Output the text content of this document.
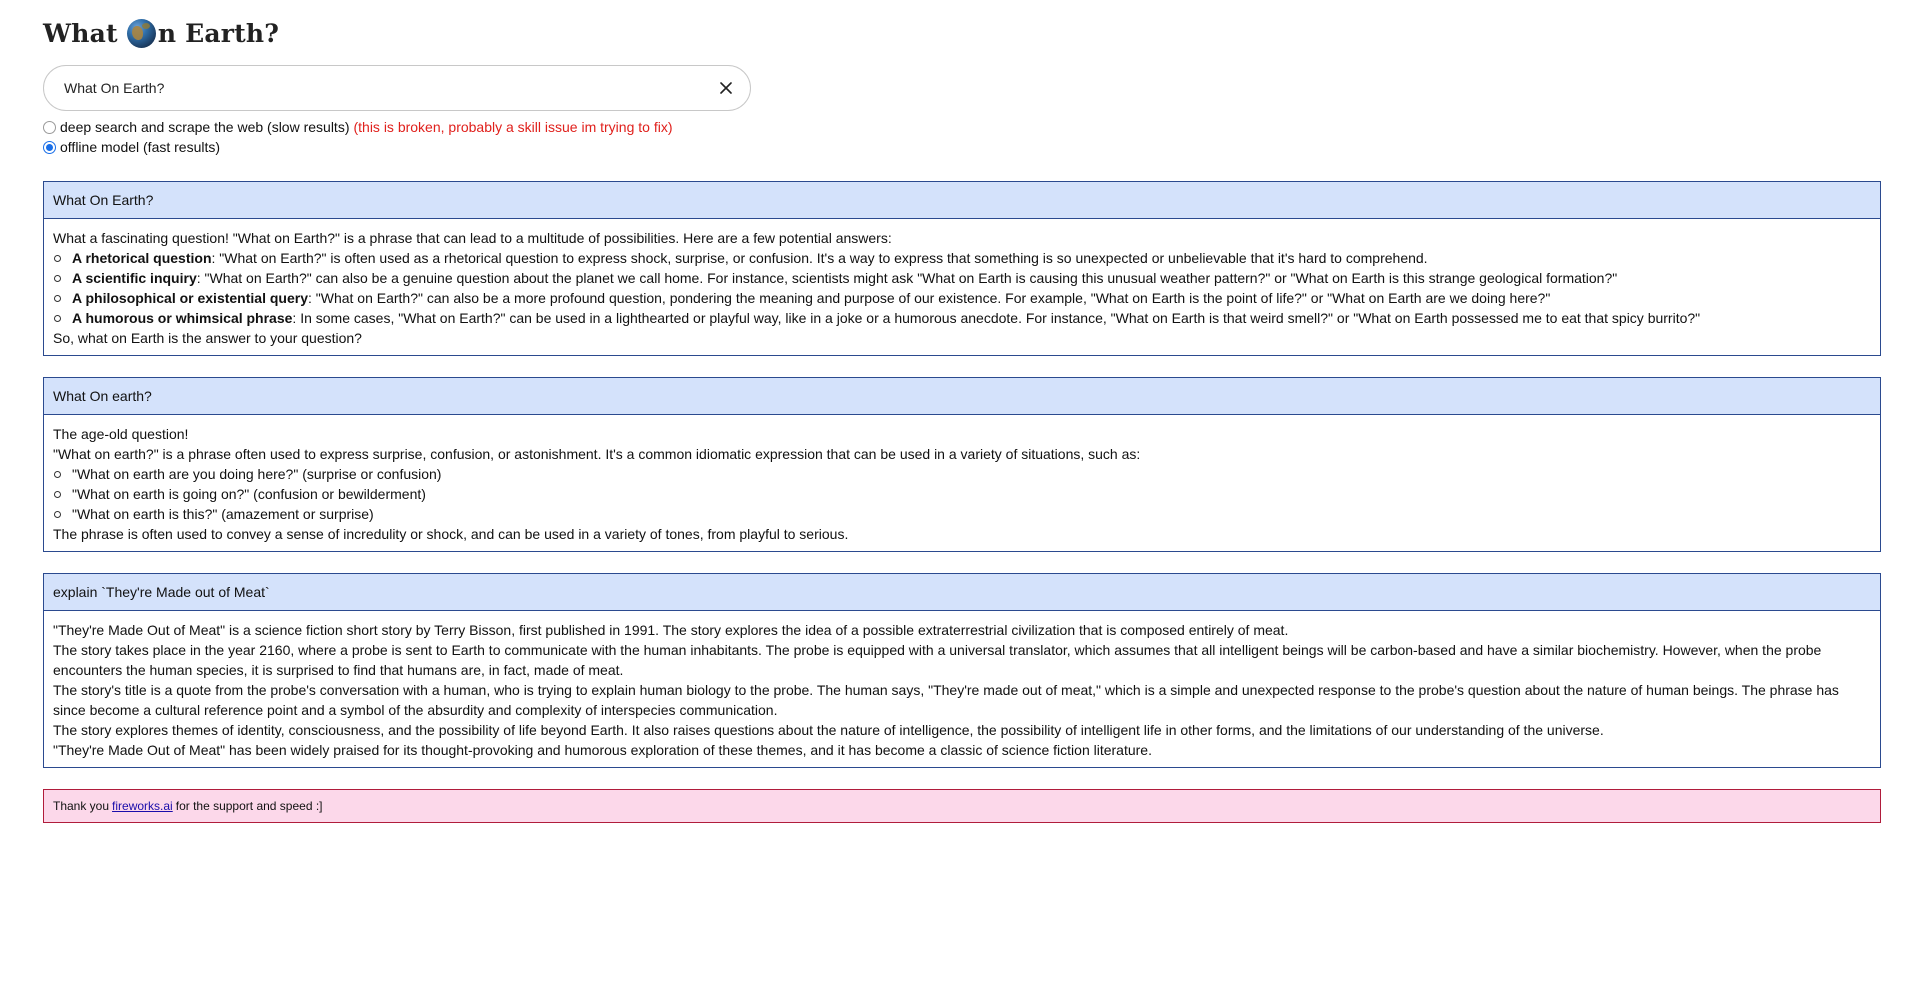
What n Earth?
What On Earth?
deep search and scrape the web (slow results) (this is broken, probably a skill issue im trying to fix)
offline model (fast results)
What On Earth?
What a fascinating question! "What on Earth?" is a phrase that can lead to a multitude of possibilities. Here are a few potential answers:
A rhetorical question: "What on Earth?" is often used as a rhetorical question to express shock, surprise, or confusion. It's a way to express that something is so unexpected or unbelievable that it's hard to comprehend.
A scientific inquiry: "What on Earth?" can also be a genuine question about the planet we call home. For instance, scientists might ask "What on Earth is causing this unusual weather pattern?" or "What on Earth is this strange geological formation?"
A philosophical or existential query: "What on Earth?" can also be a more profound question, pondering the meaning and purpose of our existence. For example, "What on Earth is the point of life?" or "What on Earth are we doing here?"
A humorous or whimsical phrase: In some cases, "What on Earth?" can be used in a lighthearted or playful way, like in a joke or a humorous anecdote. For instance, "What on Earth is that weird smell?" or "What on Earth possessed me to eat that spicy burrito?"
So, what on Earth is the answer to your question?
What On earth?
The age-old question!
"What on earth?" is a phrase often used to express surprise, confusion, or astonishment. It's a common idiomatic expression that can be used in a variety of situations, such as:
"What on earth are you doing here?" (surprise or confusion)
"What on earth is going on?" (confusion or bewilderment)
"What on earth is this?" (amazement or surprise)
The phrase is often used to convey a sense of incredulity or shock, and can be used in a variety of tones, from playful to serious.
explain `They're Made out of Meat`
"They're Made Out of Meat" is a science fiction short story by Terry Bisson, first published in 1991. The story explores the idea of a possible extraterrestrial civilization that is composed entirely of meat.
The story takes place in the year 2160, where a probe is sent to Earth to communicate with the human inhabitants. The probe is equipped with a universal translator, which assumes that all intelligent beings will be carbon-based and have a similar biochemistry. However, when the probe encounters the human species, it is surprised to find that humans are, in fact, made of meat.
The story's title is a quote from the probe's conversation with a human, who is trying to explain human biology to the probe. The human says, "They're made out of meat," which is a simple and unexpected response to the probe's question about the nature of human beings. The phrase has since become a cultural reference point and a symbol of the absurdity and complexity of interspecies communication.
The story explores themes of identity, consciousness, and the possibility of life beyond Earth. It also raises questions about the nature of intelligence, the possibility of intelligent life in other forms, and the limitations of our understanding of the universe.
"They're Made Out of Meat" has been widely praised for its thought-provoking and humorous exploration of these themes, and it has become a classic of science fiction literature.
Thank you fireworks.ai for the support and speed :]
